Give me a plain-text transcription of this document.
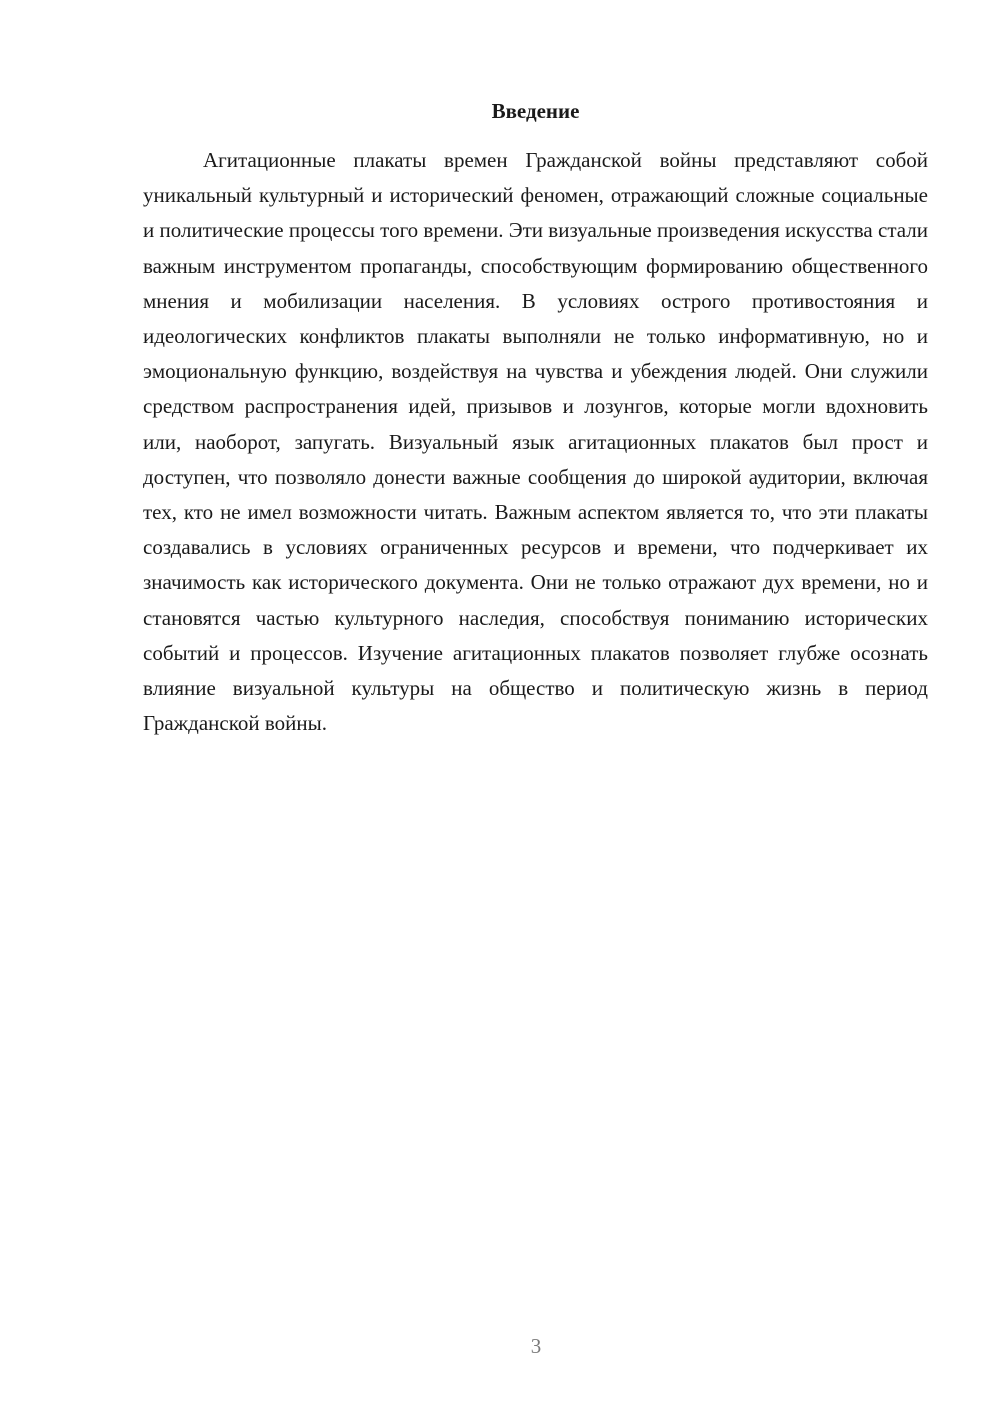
Введение

Агитационные плакаты времен Гражданской войны представляют собой уникальный культурный и исторический феномен, отражающий сложные социальные и политические процессы того времени. Эти визуальные произведения искусства стали важным инструментом пропаганды, способствующим формированию общественного мнения и мобилизации населения. В условиях острого противостояния и идеологических конфликтов плакаты выполняли не только информативную, но и эмоциональную функцию, воздействуя на чувства и убеждения людей. Они служили средством распространения идей, призывов и лозунгов, которые могли вдохновить или, наоборот, запугать. Визуальный язык агитационных плакатов был прост и доступен, что позволяло донести важные сообщения до широкой аудитории, включая тех, кто не имел возможности читать. Важным аспектом является то, что эти плакаты создавались в условиях ограниченных ресурсов и времени, что подчеркивает их значимость как исторического документа. Они не только отражают дух времени, но и становятся частью культурного наследия, способствуя пониманию исторических событий и процессов. Изучение агитационных плакатов позволяет глубже осознать влияние визуальной культуры на общество и политическую жизнь в период Гражданской войны.

3
